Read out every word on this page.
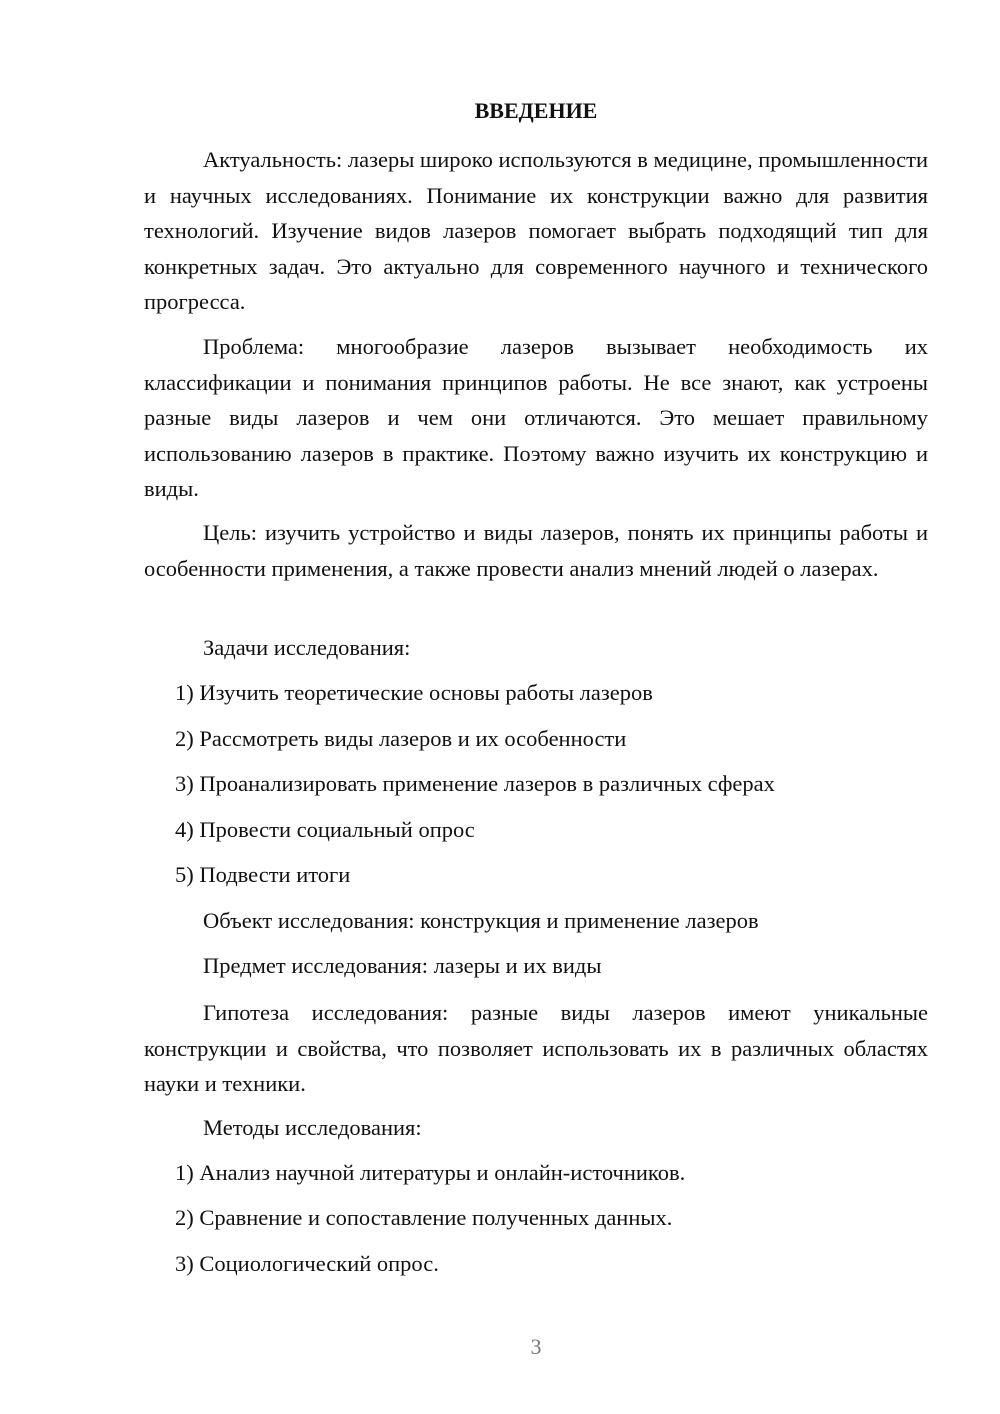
ВВЕДЕНИЕ

Актуальность: лазеры широко используются в медицине, промышленности и научных исследованиях. Понимание их конструкции важно для развития технологий. Изучение видов лазеров помогает выбрать подходящий тип для конкретных задач. Это актуально для современного научного и технического прогресса.

Проблема: многообразие лазеров вызывает необходимость их классификации и понимания принципов работы. Не все знают, как устроены разные виды лазеров и чем они отличаются. Это мешает правильному использованию лазеров в практике. Поэтому важно изучить их конструкцию и виды.

Цель: изучить устройство и виды лазеров, понять их принципы работы и особенности применения, а также провести анализ мнений людей о лазерах.

Задачи исследования:

1) Изучить теоретические основы работы лазеров

2) Рассмотреть виды лазеров и их особенности

3) Проанализировать применение лазеров в различных сферах

4) Провести социальный опрос

5) Подвести итоги

Объект исследования: конструкция и применение лазеров

Предмет исследования: лазеры и их виды

Гипотеза исследования: разные виды лазеров имеют уникальные конструкции и свойства, что позволяет использовать их в различных областях науки и техники.

Методы исследования:

1) Анализ научной литературы и онлайн-источников.

2) Сравнение и сопоставление полученных данных.

3) Социологический опрос.

3
